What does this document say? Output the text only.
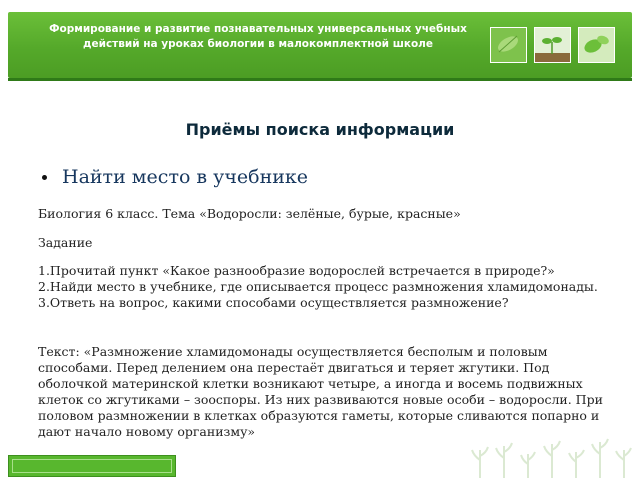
Формирование и развитие познавательных универсальных учебных действий на уроках биологии в малокомплектной школе
Приёмы поиска информации
Найти место в учебнике

Биология 6 класс. Тема «Водоросли: зелёные, бурые, красные»

Задание

1.Прочитай пункт «Какое разнообразие водорослей встречается в природе?» 2.Найди место в учебнике, где описывается процесс размножения хламидомонады. 3.Ответь на вопрос, какими способами осуществляется размножение?

Текст: «Размножение хламидомонады осуществляется бесполым и половым способами. Перед делением она перестаёт двигаться и теряет жгутики. Под оболочкой материнской клетки возникают четыре, а иногда и восемь подвижных клеток со жгутиками – зооспоры. Из них развиваются новые особи – водоросли. При половом размножении в клетках образуются гаметы, которые сливаются попарно и дают начало новому организму»
